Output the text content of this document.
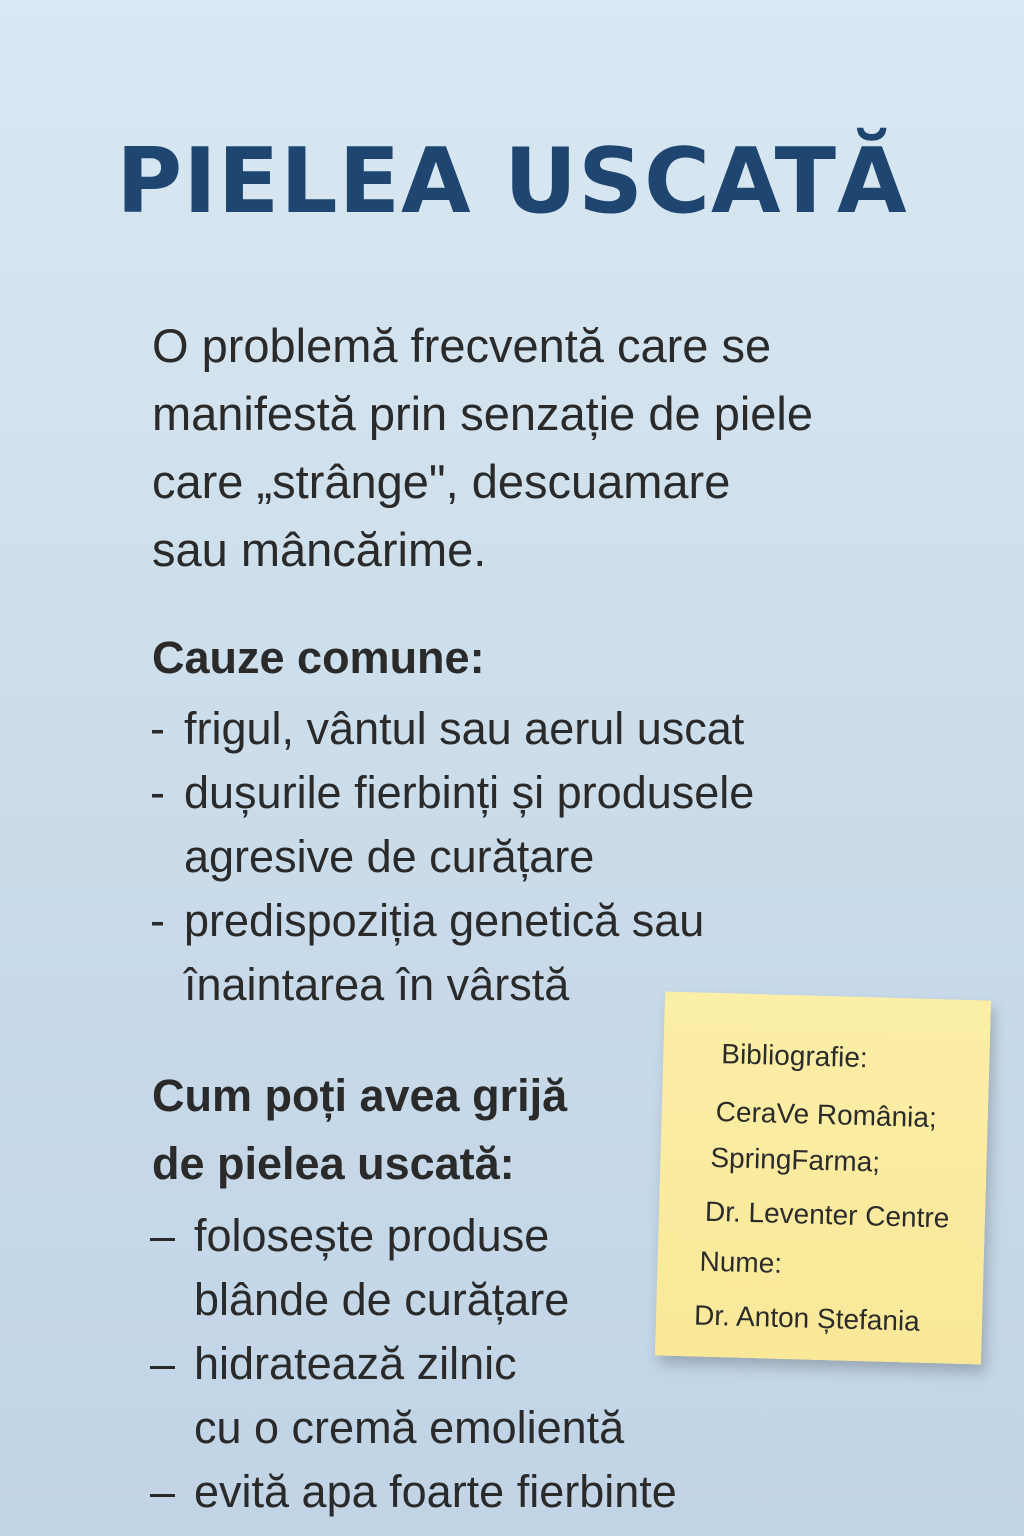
PIELEA USCATĂ

O problemă frecventă care se
manifestă prin senzație de piele
care „strânge", descuamare
sau mâncărime.

Cauze comune:
- frigul, vântul sau aerul uscat
- dușurile fierbinți și produsele
agresive de curățare
- predispoziția genetică sau
înaintarea în vârstă
Cum poți avea grijă
de pielea uscată:
– folosește produse
blânde de curățare
– hidratează zilnic
cu o cremă emolientă
– evită apa foarte fierbinte
Bibliografie:
CeraVe România;
SpringFarma;
Dr. Leventer Centre
Nume:
Dr. Anton Ștefania
